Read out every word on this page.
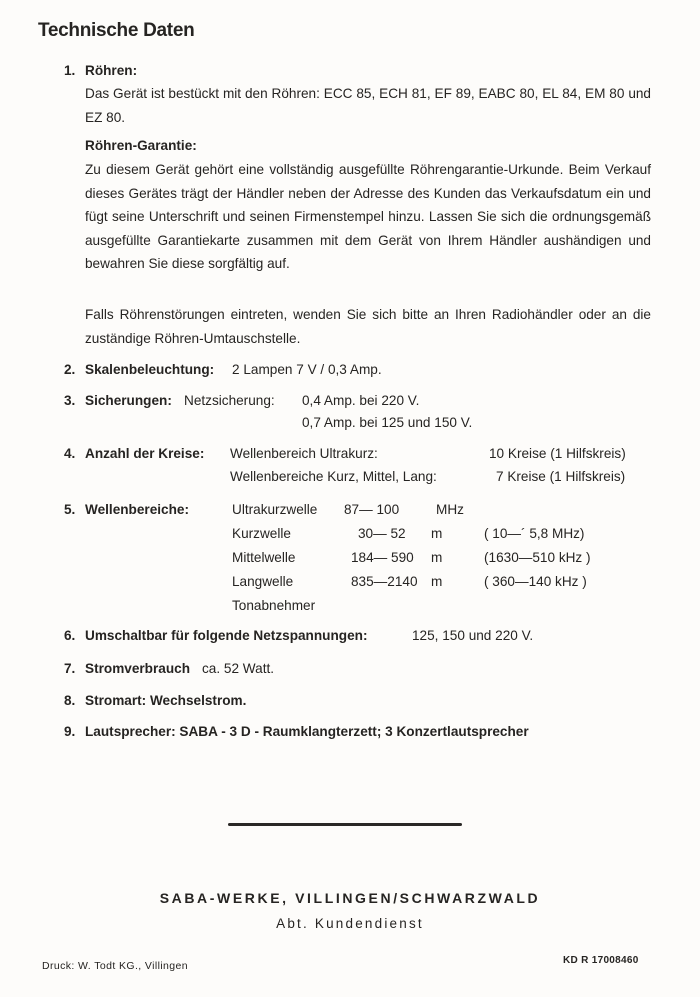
Technische Daten
1. Röhren:
Das Gerät ist bestückt mit den Röhren: ECC 85, ECH 81, EF 89, EABC 80, EL 84, EM 80 und EZ 80.
Röhren-Garantie:
Zu diesem Gerät gehört eine vollständig ausgefüllte Röhrengarantie-Urkunde. Beim Verkauf dieses Gerätes trägt der Händler neben der Adresse des Kunden das Verkaufsdatum ein und fügt seine Unterschrift und seinen Firmenstempel hinzu. Lassen Sie sich die ordnungsgemäß ausgefüllte Garantiekarte zusammen mit dem Gerät von Ihrem Händler aushändigen und bewahren Sie diese sorgfältig auf.
Falls Röhrenstörungen eintreten, wenden Sie sich bitte an Ihren Radiohändler oder an die zuständige Röhren-Umtauschstelle.
2. Skalenbeleuchtung: 2 Lampen 7 V / 0,3 Amp.
3. Sicherungen: Netzsicherung: 0,4 Amp. bei 220 V.
0,7 Amp. bei 125 und 150 V.
4. Anzahl der Kreise: Wellenbereich Ultrakurz:	10 Kreise (1 Hilfskreis)
Wellenbereiche Kurz, Mittel, Lang:	7 Kreise (1 Hilfskreis)
5. Wellenbereiche:	Ultrakurzwelle 87— 100	MHz
Kurzwelle	30— 52 m	( 10—´ 5,8 MHz)
Mittelwelle	184— 590 m	(1630—510 kHz )
Langwelle	835—2140 m	( 360—140 kHz )
Tonabnehmer
6. Umschaltbar für folgende Netzspannungen:	125, 150 und 220 V.
7. Stromverbrauch ca. 52 Watt.
8. Stromart: Wechselstrom.
9. Lautsprecher: SABA - 3 D - Raumklangterzett; 3 Konzertlautsprecher
SABA-WERKE, VILLINGEN/SCHWARZWALD
Abt. Kundendienst
Druck: W. Todt KG., Villingen	KD R 17008460
